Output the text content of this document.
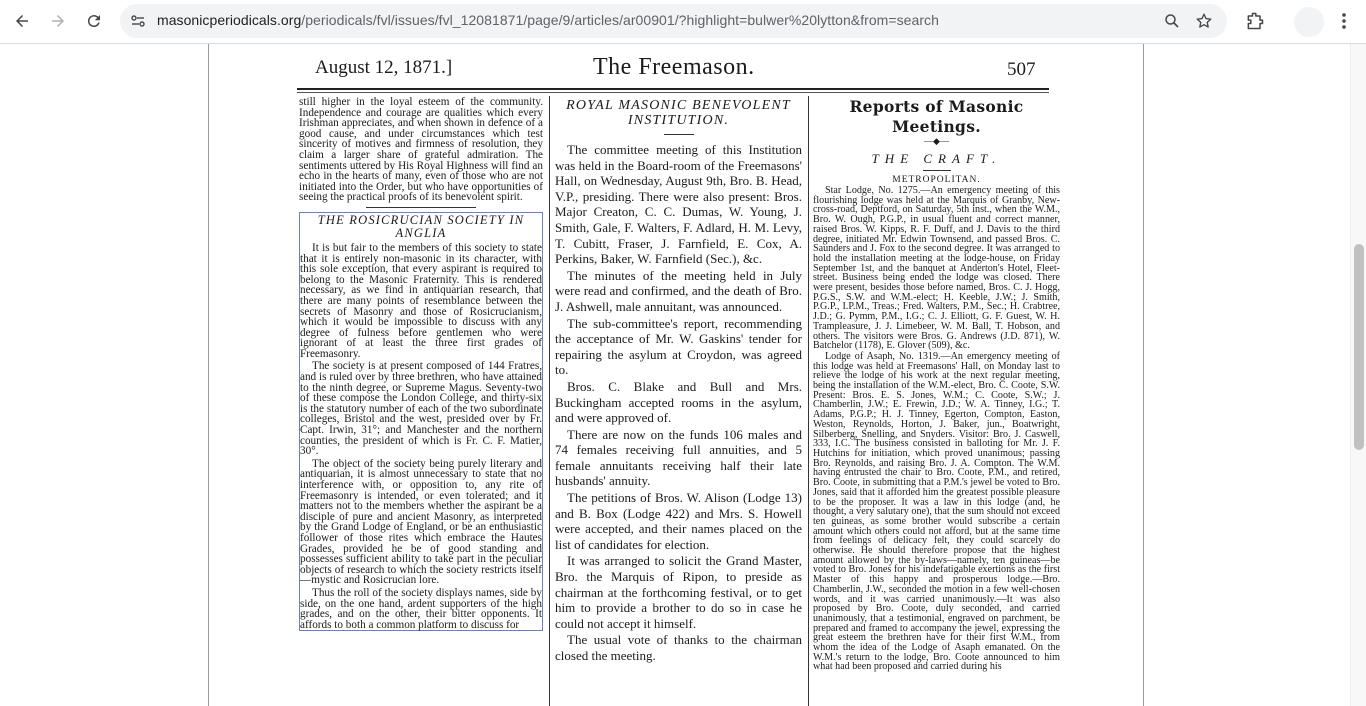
masonicperiodicals.org/periodicals/fvl/issues/fvl_12081871/page/9/articles/ar00901/?highlight=bulwer%20lytton&from=search
August 12, 1871.]	The Freemason.	507

still higher in the loyal esteem of the community. Independence and courage are qualities which every Irishman appreciates, and when shown in defence of a good cause, and under circumstances which test sincerity of motives and firmness of resolution, they claim a larger share of grateful admiration. The sentiments uttered by His Royal Highness will find an echo in the hearts of many, even of those who are not initiated into the Order, but who have opportunities of seeing the practical proofs of its benevolent spirit.

THE ROSICRUCIAN SOCIETY IN ANGLIA

It is but fair to the members of this society to state that it is entirely non-masonic in its character, with this sole exception, that every aspirant is required to belong to the Masonic Fraternity. This is rendered necessary, as we find in antiquarian research, that there are many points of resemblance between the secrets of Masonry and those of Rosicrucianism, which it would be impossible to discuss with any degree of fulness before gentlemen who were ignorant of at least the three first grades of Freemasonry.

The society is at present composed of 144 Fratres, and is ruled over by three brethren, who have attained to the ninth degree, or Supreme Magus. Seventy-two of these compose the London College, and thirty-six is the statutory number of each of the two subordinate colleges, Bristol and the west, presided over by Fr. Capt. Irwin, 31°; and Manchester and the northern counties, the president of which is Fr. C. F. Matier, 30°.

The object of the society being purely literary and antiquarian, it is almost unnecessary to state that no interference with, or opposition to, any rite of Freemasonry is intended, or even tolerated; and it matters not to the members whether the aspirant be a disciple of pure and ancient Masonry, as interpreted by the Grand Lodge of England, or be an enthusiastic follower of those rites which embrace the Hautes Grades, provided he be of good standing and possesses sufficient ability to take part in the peculiar objects of research to which the society restricts itself—mystic and Rosicrucian lore.

Thus the roll of the society displays names, side by side, on the one hand, ardent supporters of the high grades, and on the other, their bitter opponents. It affords to both a common platform to discuss for

ROYAL MASONIC BENEVOLENT INSTITUTION.

The committee meeting of this Institution was held in the Board-room of the Freemasons' Hall, on Wednesday, August 9th, Bro. B. Head, V.P., presiding. There were also present: Bros. Major Creaton, C. C. Dumas, W. Young, J. Smith, Gale, F. Walters, F. Adlard, H. M. Levy, T. Cubitt, Fraser, J. Farnfield, E. Cox, A. Perkins, Baker, W. Farnfield (Sec.), &c.

The minutes of the meeting held in July were read and confirmed, and the death of Bro. J. Ashwell, male annuitant, was announced.

The sub-committee's report, recommending the acceptance of Mr. W. Gaskins' tender for repairing the asylum at Croydon, was agreed to.

Bros. C. Blake and Bull and Mrs. Buckingham accepted rooms in the asylum, and were approved of.

There are now on the funds 106 males and 74 females receiving full annuities, and 5 female annuitants receiving half their late husbands' annuity.

The petitions of Bros. W. Alison (Lodge 13) and B. Box (Lodge 422) and Mrs. S. Howell were accepted, and their names placed on the list of candidates for election.

It was arranged to solicit the Grand Master, Bro. the Marquis of Ripon, to preside as chairman at the forthcoming festival, or to get him to provide a brother to do so in case he could not accept it himself.

The usual vote of thanks to the chairman closed the meeting.

Reports of Masonic Meetings.

—◆—

THE CRAFT.

METROPOLITAN.

Star Lodge, No. 1275.—An emergency meeting of this flourishing lodge was held at the Marquis of Granby, New-cross-road, Deptford, on Saturday, 5th inst., when the W.M., Bro. W. Ough, P.G.P., in usual fluent and correct manner, raised Bros. W. Kipps, R. F. Duff, and J. Davis to the third degree, initiated Mr. Edwin Townsend, and passed Bros. C. Saunders and J. Fox to the second degree. It was arranged to hold the installation meeting at the lodge-house, on Friday September 1st, and the banquet at Anderton's Hotel, Fleet-street. Business being ended the lodge was closed. There were present, besides those before named, Bros. C. J. Hogg, P.G.S., S.W. and W.M.-elect; H. Keeble, J.W.; J. Smith, P.G.P., I.P.M., Treas.; Fred. Walters, P.M., Sec.; H. Crabtree, J.D.; G. Pymm, P.M., I.G.; C. J. Elliott, G. F. Guest, W. H. Trampleasure, J. J. Limebeer, W. M. Ball, T. Hobson, and others. The visitors were Bros. G. Andrews (J.D. 871), W. Batchelor (1178), E. Glover (509), &c.

Lodge of Asaph, No. 1319.—An emergency meeting of this lodge was held at Freemasons' Hall, on Monday last to relieve the lodge of his work at the next regular meeting, being the installation of the W.M.-elect, Bro. C. Coote, S.W. Present: Bros. E. S. Jones, W.M.; C. Coote, S.W.; J. Chamberlin, J.W.; E. Frewin, J.D.; W. A. Tinney, I.G.; T. Adams, P.G.P.; H. J. Tinney, Egerton, Compton, Easton, Weston, Reynolds, Horton, J. Baker, jun., Boatwright, Silberberg, Snelling, and Snyders. Visitor: Bro. J. Caswell, 333, I.C. The business consisted in balloting for Mr. J. F. Hutchins for initiation, which proved unanimous; passing Bro. Reynolds, and raising Bro. J. A. Compton. The W.M. having entrusted the chair to Bro. Coote, P.M., and retired, Bro. Coote, in submitting that a P.M.'s jewel be voted to Bro. Jones, said that it afforded him the greatest possible pleasure to be the proposer. It was a law in this lodge (and, he thought, a very salutary one), that the sum should not exceed ten guineas, as some brother would subscribe a certain amount which others could not afford, but at the same time from feelings of delicacy felt, they could scarcely do otherwise. He should therefore propose that the highest amount allowed by the by-laws—namely, ten guineas—be voted to Bro. Jones for his indefatigable exertions as the first Master of this happy and prosperous lodge.—Bro. Chamberlin, J.W., seconded the motion in a few well-chosen words, and it was carried unanimously.—It was also proposed by Bro. Coote, duly seconded, and carried unanimously, that a testimonial, engraved on parchment, be prepared and framed to accompany the jewel, expressing the great esteem the brethren have for their first W.M., from whom the idea of the Lodge of Asaph emanated. On the W.M.'s return to the lodge, Bro. Coote announced to him what had been proposed and carried during his
